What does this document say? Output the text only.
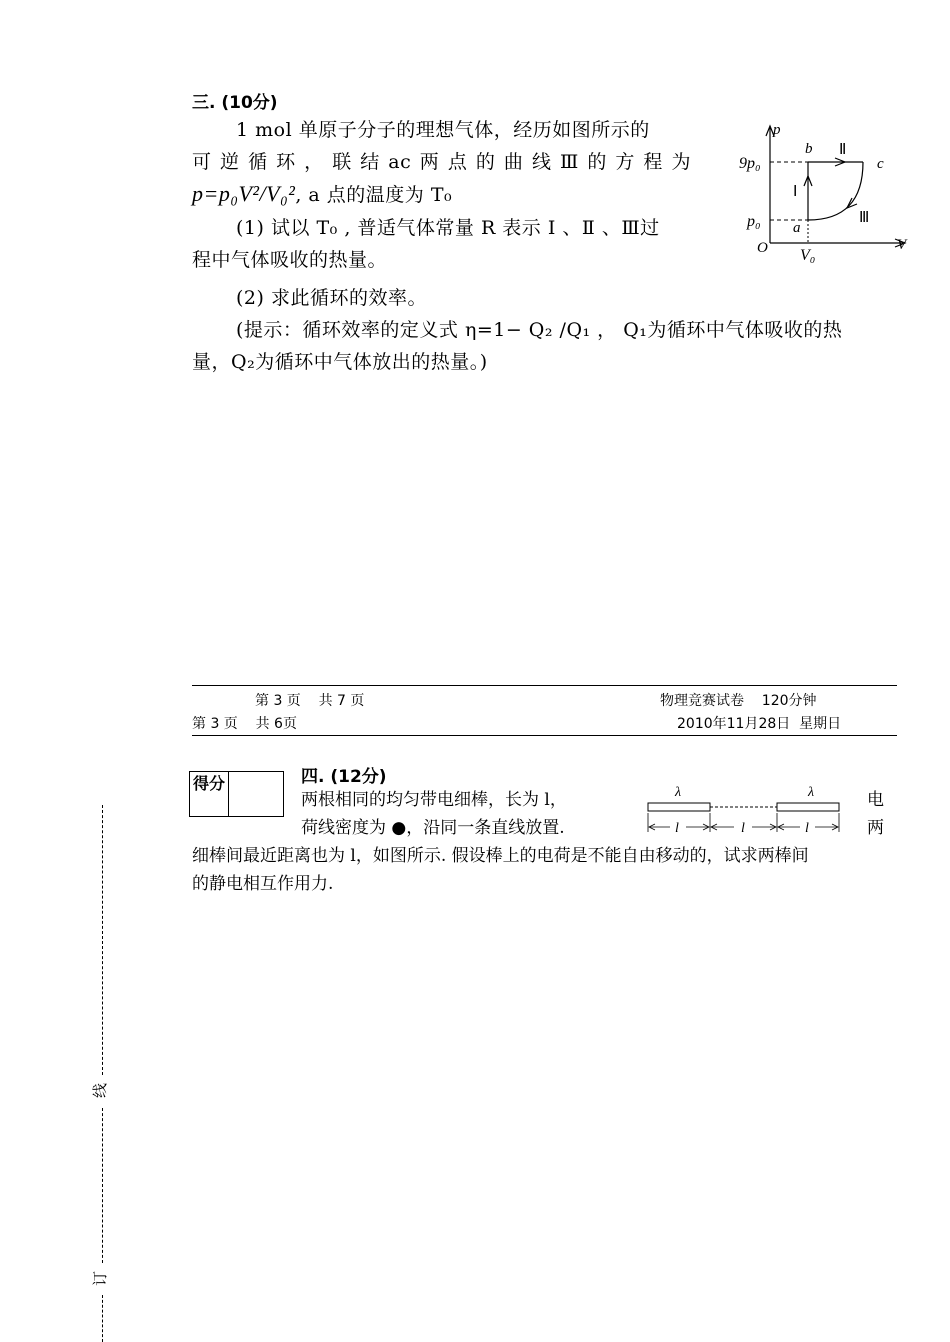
三. (10分)
1 mol 单原子分子的理想气体，经历如图所示的
可 逆 循 环 ， 联 结 ac 两 点 的 曲 线 Ⅲ 的 方 程 为
p=p₀V²/V₀², a 点的温度为 T₀
(1) 试以 T₀ , 普适气体常量 R 表示 Ⅰ 、Ⅱ 、Ⅲ过
程中气体吸收的热量。
(2) 求此循环的效率。
(提示：循环效率的定义式 η=1− Q₂ /Q₁ ， Q₁为循环中气体吸收的热
量，Q₂为循环中气体放出的热量。)
p
V
O
9p₀
p₀
V₀
a
b
c
Ⅰ
Ⅱ
Ⅲ
第 3 页    共 7 页
第 3 页    共 6页
物理竞赛试卷    120分钟
2010年11月28日  星期日
得分	四. (12分)
两根相同的均匀带电细棒，长为 l，	电
荷线密度为 ●，沿同一条直线放置.	两
细棒间最近距离也为 l，如图所示. 假设棒上的电荷是不能自由移动的，试求两棒间
的静电相互作用力.
λ	λ
l	l	l
线
订
